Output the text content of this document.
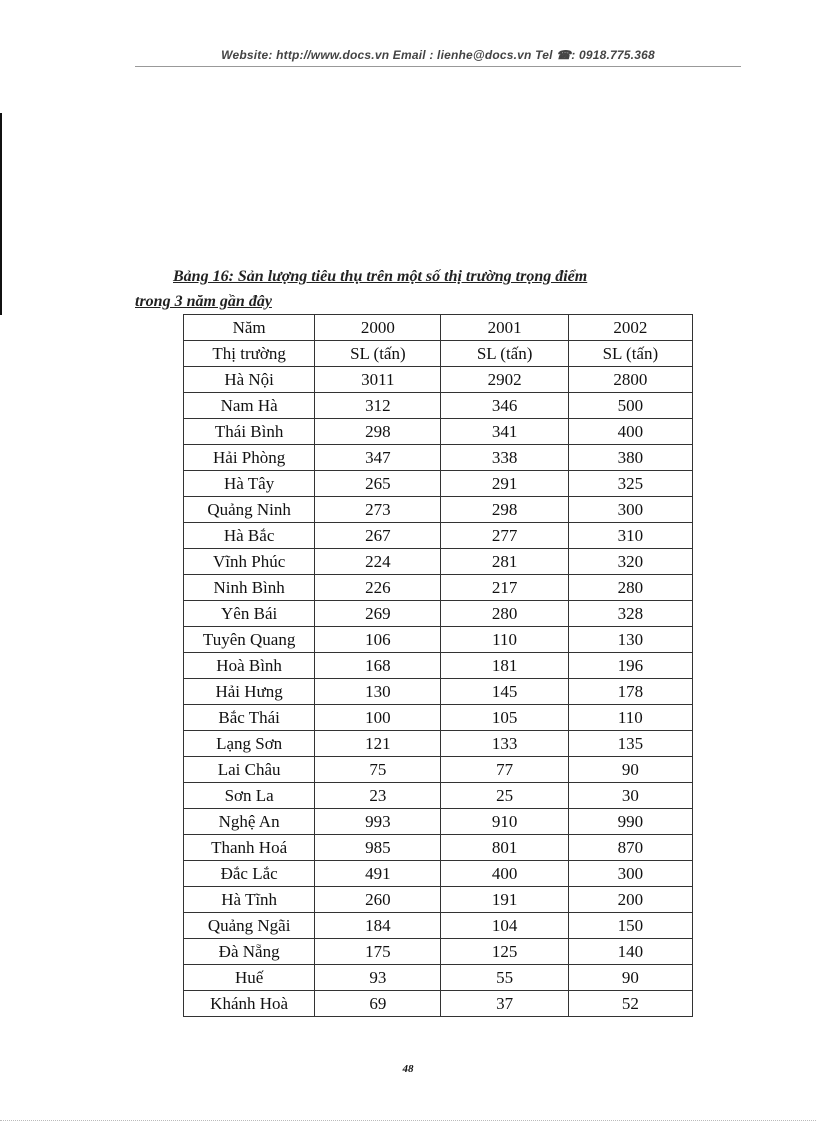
Website: http://www.docs.vn Email : lienhe@docs.vn Tel ☎: 0918.775.368
Bảng 16: Sản lượng tiêu thụ trên một số thị trường trọng điểm
trong 3 năm gần đây
Năm	2000	2001	2002
Thị trường	SL (tấn)	SL (tấn)	SL (tấn)
Hà Nội	3011	2902	2800
Nam Hà	312	346	500
Thái Bình	298	341	400
Hải Phòng	347	338	380
Hà Tây	265	291	325
Quảng Ninh	273	298	300
Hà Bắc	267	277	310
Vĩnh Phúc	224	281	320
Ninh Bình	226	217	280
Yên Bái	269	280	328
Tuyên Quang	106	110	130
Hoà Bình	168	181	196
Hải Hưng	130	145	178
Bắc Thái	100	105	110
Lạng Sơn	121	133	135
Lai Châu	75	77	90
Sơn La	23	25	30
Nghệ An	993	910	990
Thanh Hoá	985	801	870
Đắc Lắc	491	400	300
Hà Tĩnh	260	191	200
Quảng Ngãi	184	104	150
Đà Nẵng	175	125	140
Huế	93	55	90
Khánh Hoà	69	37	52
48
